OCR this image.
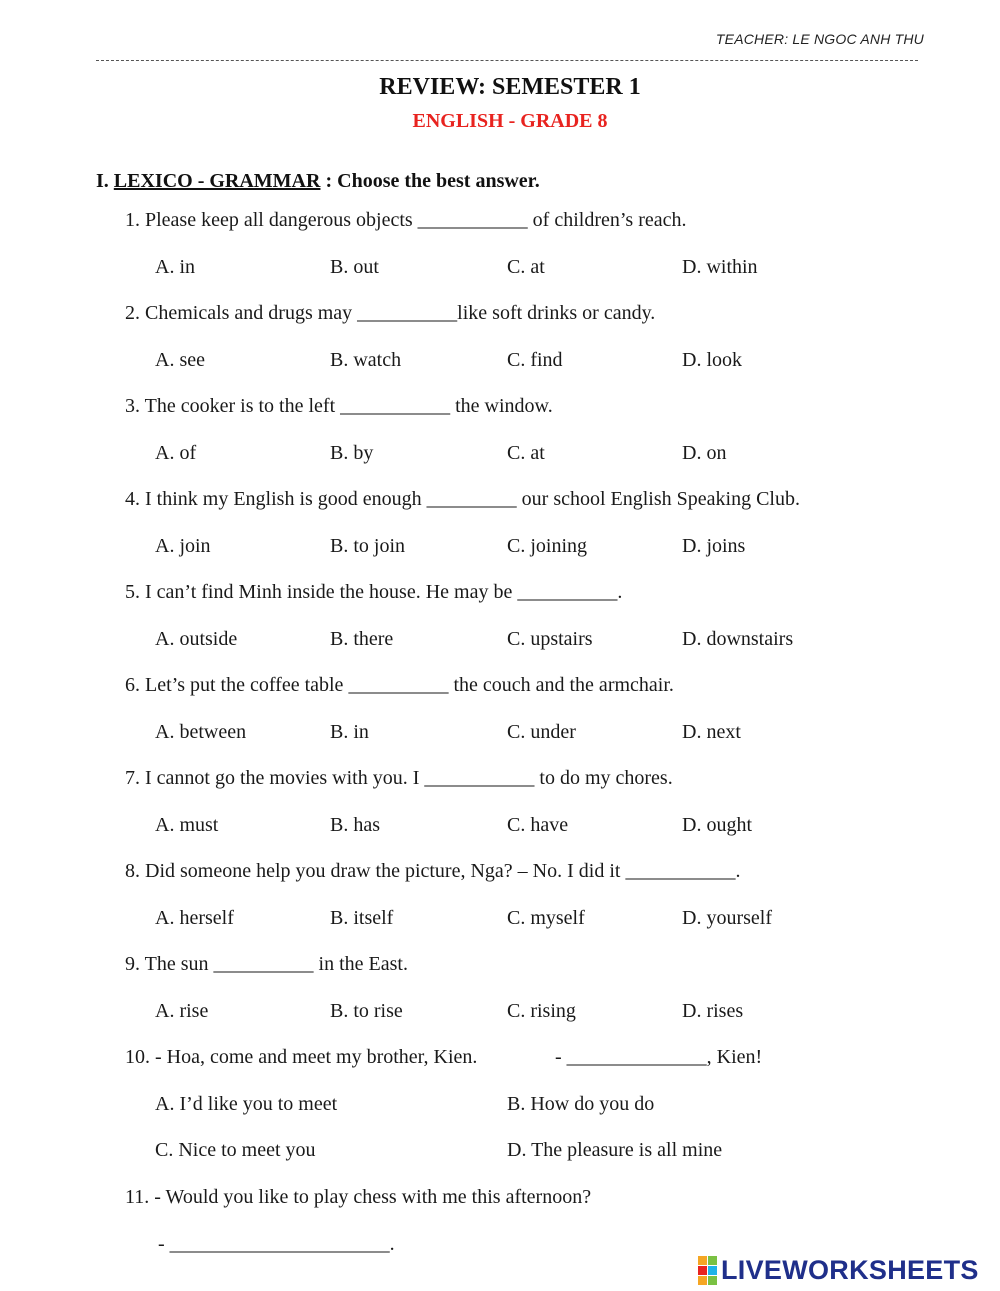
TEACHER: LE NGOC ANH THU
REVIEW: SEMESTER 1
ENGLISH - GRADE 8
I. LEXICO - GRAMMAR : Choose the best answer.
1. Please keep all dangerous objects ___________ of children’s reach.
A. in	B. out	C. at	D. within
2. Chemicals and drugs may __________like soft drinks or candy.
A. see	B. watch	C. find	D. look
3. The cooker is to the left ___________ the window.
A. of	B. by	C. at	D. on
4. I think my English is good enough _________ our school English Speaking Club.
A. join	B. to join	C. joining	D. joins
5. I can’t find Minh inside the house. He may be __________.
A. outside	B. there	C. upstairs	D. downstairs
6. Let’s put the coffee table __________ the couch and the armchair.
A. between	B. in	C. under	D. next
7. I cannot go the movies with you. I ___________ to do my chores.
A. must	B. has	C. have	D. ought
8. Did someone help you draw the picture, Nga? – No. I did it ___________.
A. herself	B. itself	C. myself	D. yourself
9. The sun __________ in the East.
A. rise	B. to rise	C. rising	D. rises
10. - Hoa, come and meet my brother, Kien.	- ______________, Kien!
A. I’d like you to meet	B. How do you do
C. Nice to meet you	D. The pleasure is all mine
11. - Would you like to play chess with me this afternoon?
- ______________________.
LIVEWORKSHEETS
